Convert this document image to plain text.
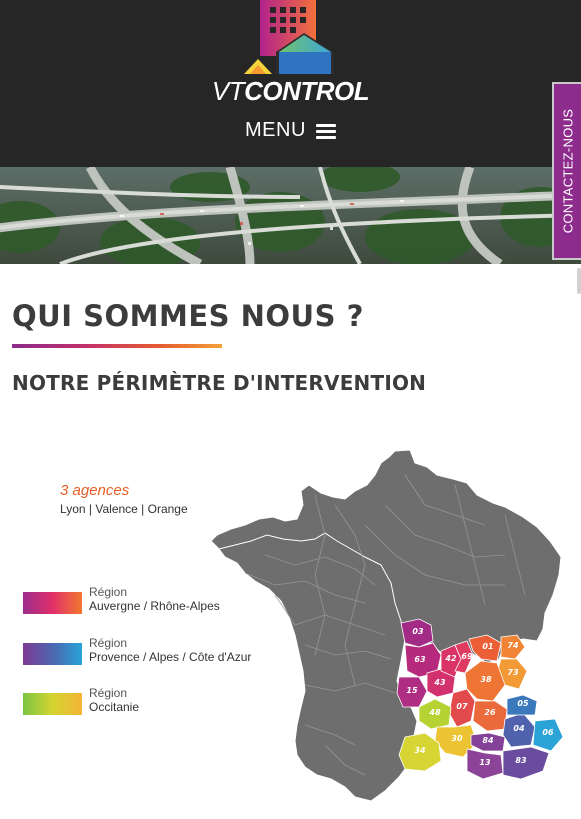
VTCONTROL
MENU	CONTACTEZ-NOUS
QUI SOMMES NOUS ?
NOTRE PÉRIMÈTRE D'INTERVENTION
3 agences
Lyon | Valence | Orange
Région
Auvergne / Rhône-Alpes
Région
Provence / Alpes / Côte d'Azur
Région
Occitanie
03
63
15
43
42 69
01 74
73
38
07
26
48
30
34
84
13
04
05
06
83
